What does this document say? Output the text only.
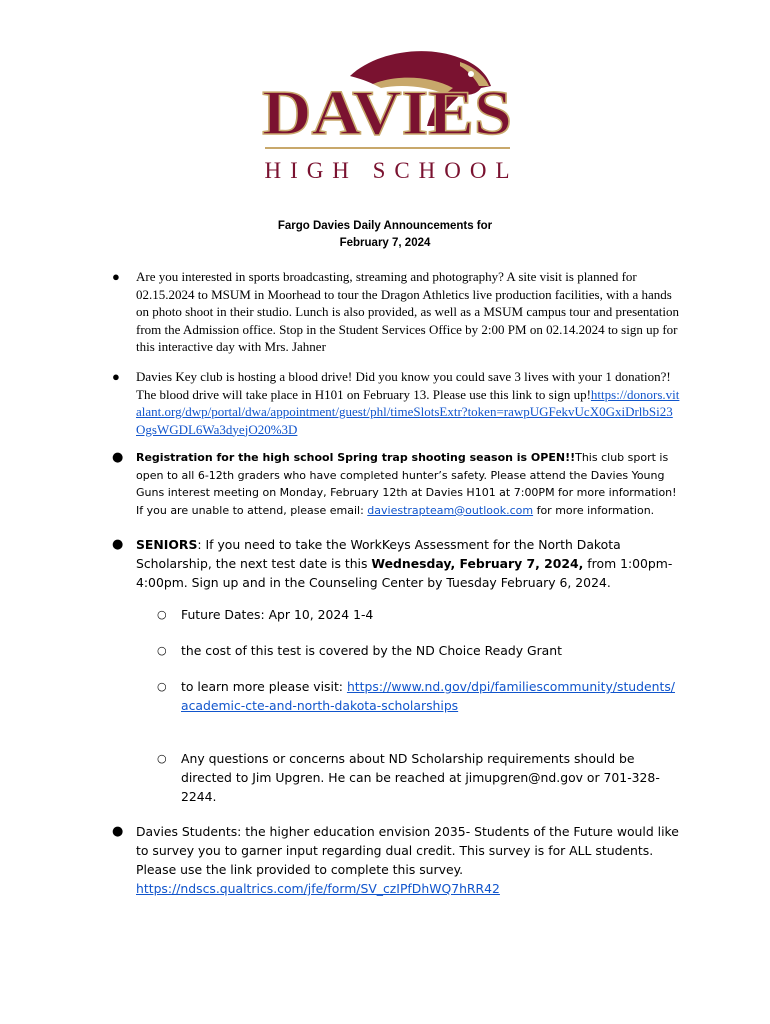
DAVIES
HIGH SCHOOL
Fargo Davies Daily Announcements for
February 7, 2024
● Are you interested in sports broadcasting, streaming and photography? A site visit is planned for 02.15.2024 to MSUM in Moorhead to tour the Dragon Athletics live production facilities, with a hands on photo shoot in their studio. Lunch is also provided, as well as a MSUM campus tour and presentation from the Admission office. Stop in the Student Services Office by 2:00 PM on 02.14.2024 to sign up for this interactive day with Mrs. Jahner
● Davies Key club is hosting a blood drive! Did you know you could save 3 lives with your 1 donation?! The blood drive will take place in H101 on February 13. Please use this link to sign up!https://donors.vitalant.org/dwp/portal/dwa/appointment/guest/phl/timeSlotsExtr?token=rawpUGFekvUcX0GxiDrlbSi23OgsWGDL6Wa3dyejO20%3D
● Registration for the high school Spring trap shooting season is OPEN!!This club sport is open to all 6-12th graders who have completed hunter’s safety. Please attend the Davies Young Guns interest meeting on Monday, February 12th at Davies H101 at 7:00PM for more information! If you are unable to attend, please email: daviestrapteam@outlook.com for more information.
● SENIORS: If you need to take the WorkKeys Assessment for the North Dakota Scholarship, the next test date is this Wednesday, February 7, 2024, from 1:00pm-4:00pm. Sign up and in the Counseling Center by Tuesday February 6, 2024.
○ Future Dates: Apr 10, 2024 1-4
○ the cost of this test is covered by the ND Choice Ready Grant
○ to learn more please visit: https://www.nd.gov/dpi/familiescommunity/students/academic-cte-and-north-dakota-scholarships
○ Any questions or concerns about ND Scholarship requirements should be directed to Jim Upgren. He can be reached at jimupgren@nd.gov or 701-328-2244.
● Davies Students: the higher education envision 2035- Students of the Future would like to survey you to garner input regarding dual credit. This survey is for ALL students. Please use the link provided to complete this survey. https://ndscs.qualtrics.com/jfe/form/SV_czIPfDhWQ7hRR42
